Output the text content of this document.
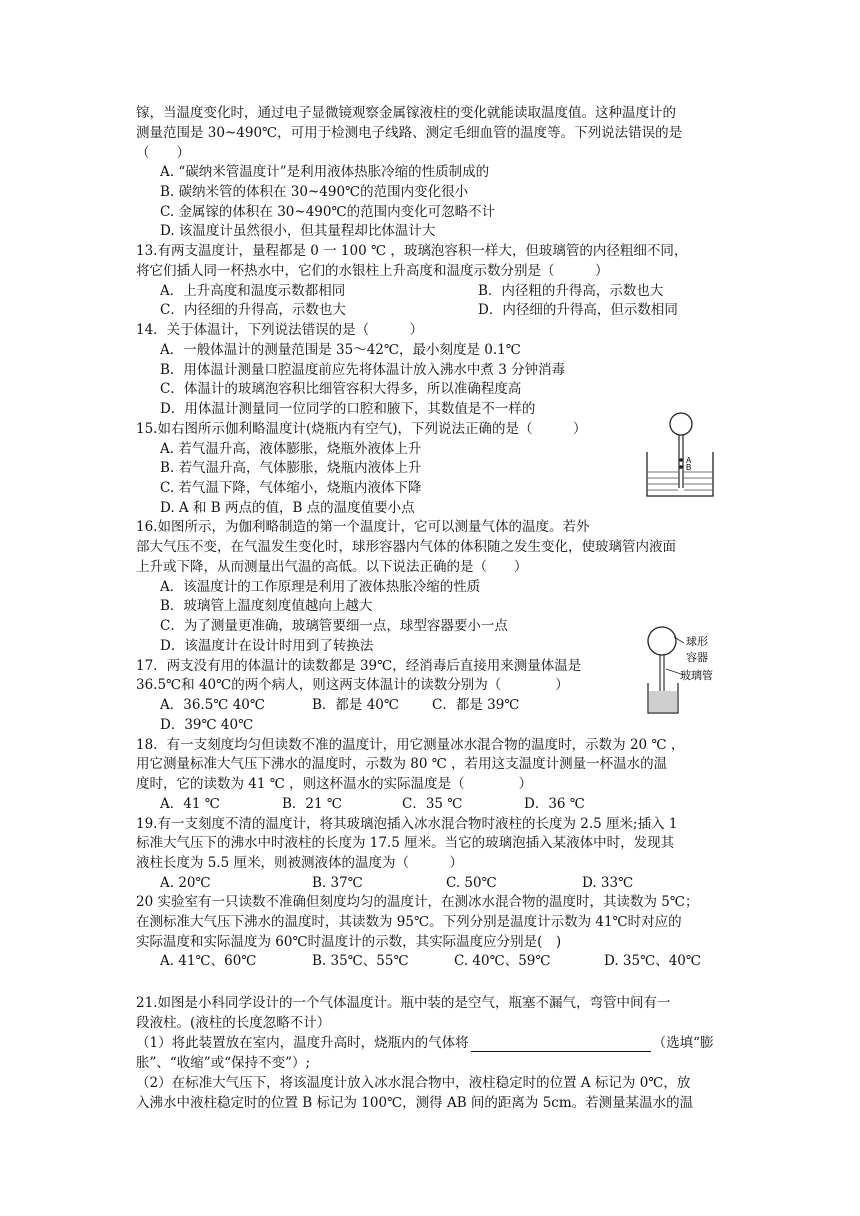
镓，当温度变化时，通过电子显微镜观察金属镓液柱的变化就能读取温度值。这种温度计的
测量范围是 30~490℃，可用于检测电子线路、测定毛细血管的温度等。下列说法错误的是
（　　）
A. “碳纳米管温度计”是利用液体热胀冷缩的性质制成的
B. 碳纳米管的体积在 30~490℃的范围内变化很小
C. 金属镓的体积在 30~490℃的范围内变化可忽略不计
D. 该温度计虽然很小，但其量程却比体温计大
13.有两支温度计，量程都是 0 一 100 ℃ ，玻璃泡容积一样大，但玻璃管的内径粗细不同，
将它们插人同一杯热水中，它们的水银柱上升高度和温度示数分别是（　　　）
A．上升高度和温度示数都相同	B．内径粗的升得高，示数也大
C．内径细的升得高，示数也大	D．内径细的升得高，但示数相同
14．关于体温计，下列说法错误的是（　　　）
A．一般体温计的测量范围是 35～42℃，最小刻度是 0.1℃
B．用体温计测量口腔温度前应先将体温计放入沸水中煮 3 分钟消毒
C．体温计的玻璃泡容积比细管容积大得多，所以准确程度高
D．用体温计测量同一位同学的口腔和腋下，其数值是不一样的
15.如右图所示伽利略温度计(烧瓶内有空气)，下列说法正确的是（　　　）
A. 若气温升高，液体膨胀，烧瓶外液体上升
B. 若气温升高，气体膨胀，烧瓶内液体上升
C. 若气温下降，气体缩小，烧瓶内液体下降
D. A 和 B 两点的值，B 点的温度值要小点
16.如图所示，为伽利略制造的第一个温度计，它可以测量气体的温度。若外
部大气压不变，在气温发生变化时，球形容器内气体的体积随之发生变化，使玻璃管内液面
上升或下降，从而测量出气温的高低。以下说法正确的是（　　）
A．该温度计的工作原理是利用了液体热胀冷缩的性质
B．玻璃管上温度刻度值越向上越大
C．为了测量更准确，玻璃管要细一点，球型容器要小一点
D．该温度计在设计时用到了转换法
17．两支没有用的体温计的读数都是 39℃，经消毒后直接用来测量体温是
36.5℃和 40℃的两个病人，则这两支体温计的读数分别为（　　　　）
A．36.5℃ 40℃	B．都是 40℃ C．都是 39℃
D．39℃ 40℃
18．有一支刻度均匀但读数不准的温度计，用它测量冰水混合物的温度时，示数为 20 ℃ ，
用它测量标准大气压下沸水的温度时，示数为 80 ℃ ，若用这支温度计测量一杯温水的温
度时，它的读数为 41 ℃ ，则这杯温水的实际温度是（　　　　）
A．41 ℃	B．21 ℃	C．35 ℃	D．36 ℃
19.有一支刻度不清的温度计，将其玻璃泡插入冰水混合物时液柱的长度为 2.5 厘米;插入 1
标准大气压下的沸水中时液柱的长度为 17.5 厘米。当它的玻璃泡插入某液体中时，发现其
液柱长度为 5.5 厘米，则被测液体的温度为（　　　）
A. 20℃	B. 37℃	C. 50℃	D. 33℃
20 实验室有一只读数不准确但刻度均匀的温度计，在测冰水混合物的温度时，其读数为 5℃；
在测标准大气压下沸水的温度时，其读数为 95℃。下列分别是温度计示数为 41℃时对应的
实际温度和实际温度为 60℃时温度计的示数，其实际温度应分别是(　)
A. 41℃、60℃	B. 35℃、55℃	C. 40℃、59℃	D. 35℃、40℃
21.如图是小科同学设计的一个气体温度计。瓶中装的是空气，瓶塞不漏气，弯管中间有一
段液柱。(液柱的长度忽略不计）
（1）将此装置放在室内，温度升高时，烧瓶内的气体将	（选填“膨
胀”、“收缩”或“保持不变”）;
（2）在标准大气压下，将该温度计放入冰水混合物中，液柱稳定时的位置 A 标记为 0℃，放
入沸水中液柱稳定时的位置 B 标记为 100℃，测得 AB 间的距离为 5cm。若测量某温水的温
A
B
球形
容器
玻璃管
